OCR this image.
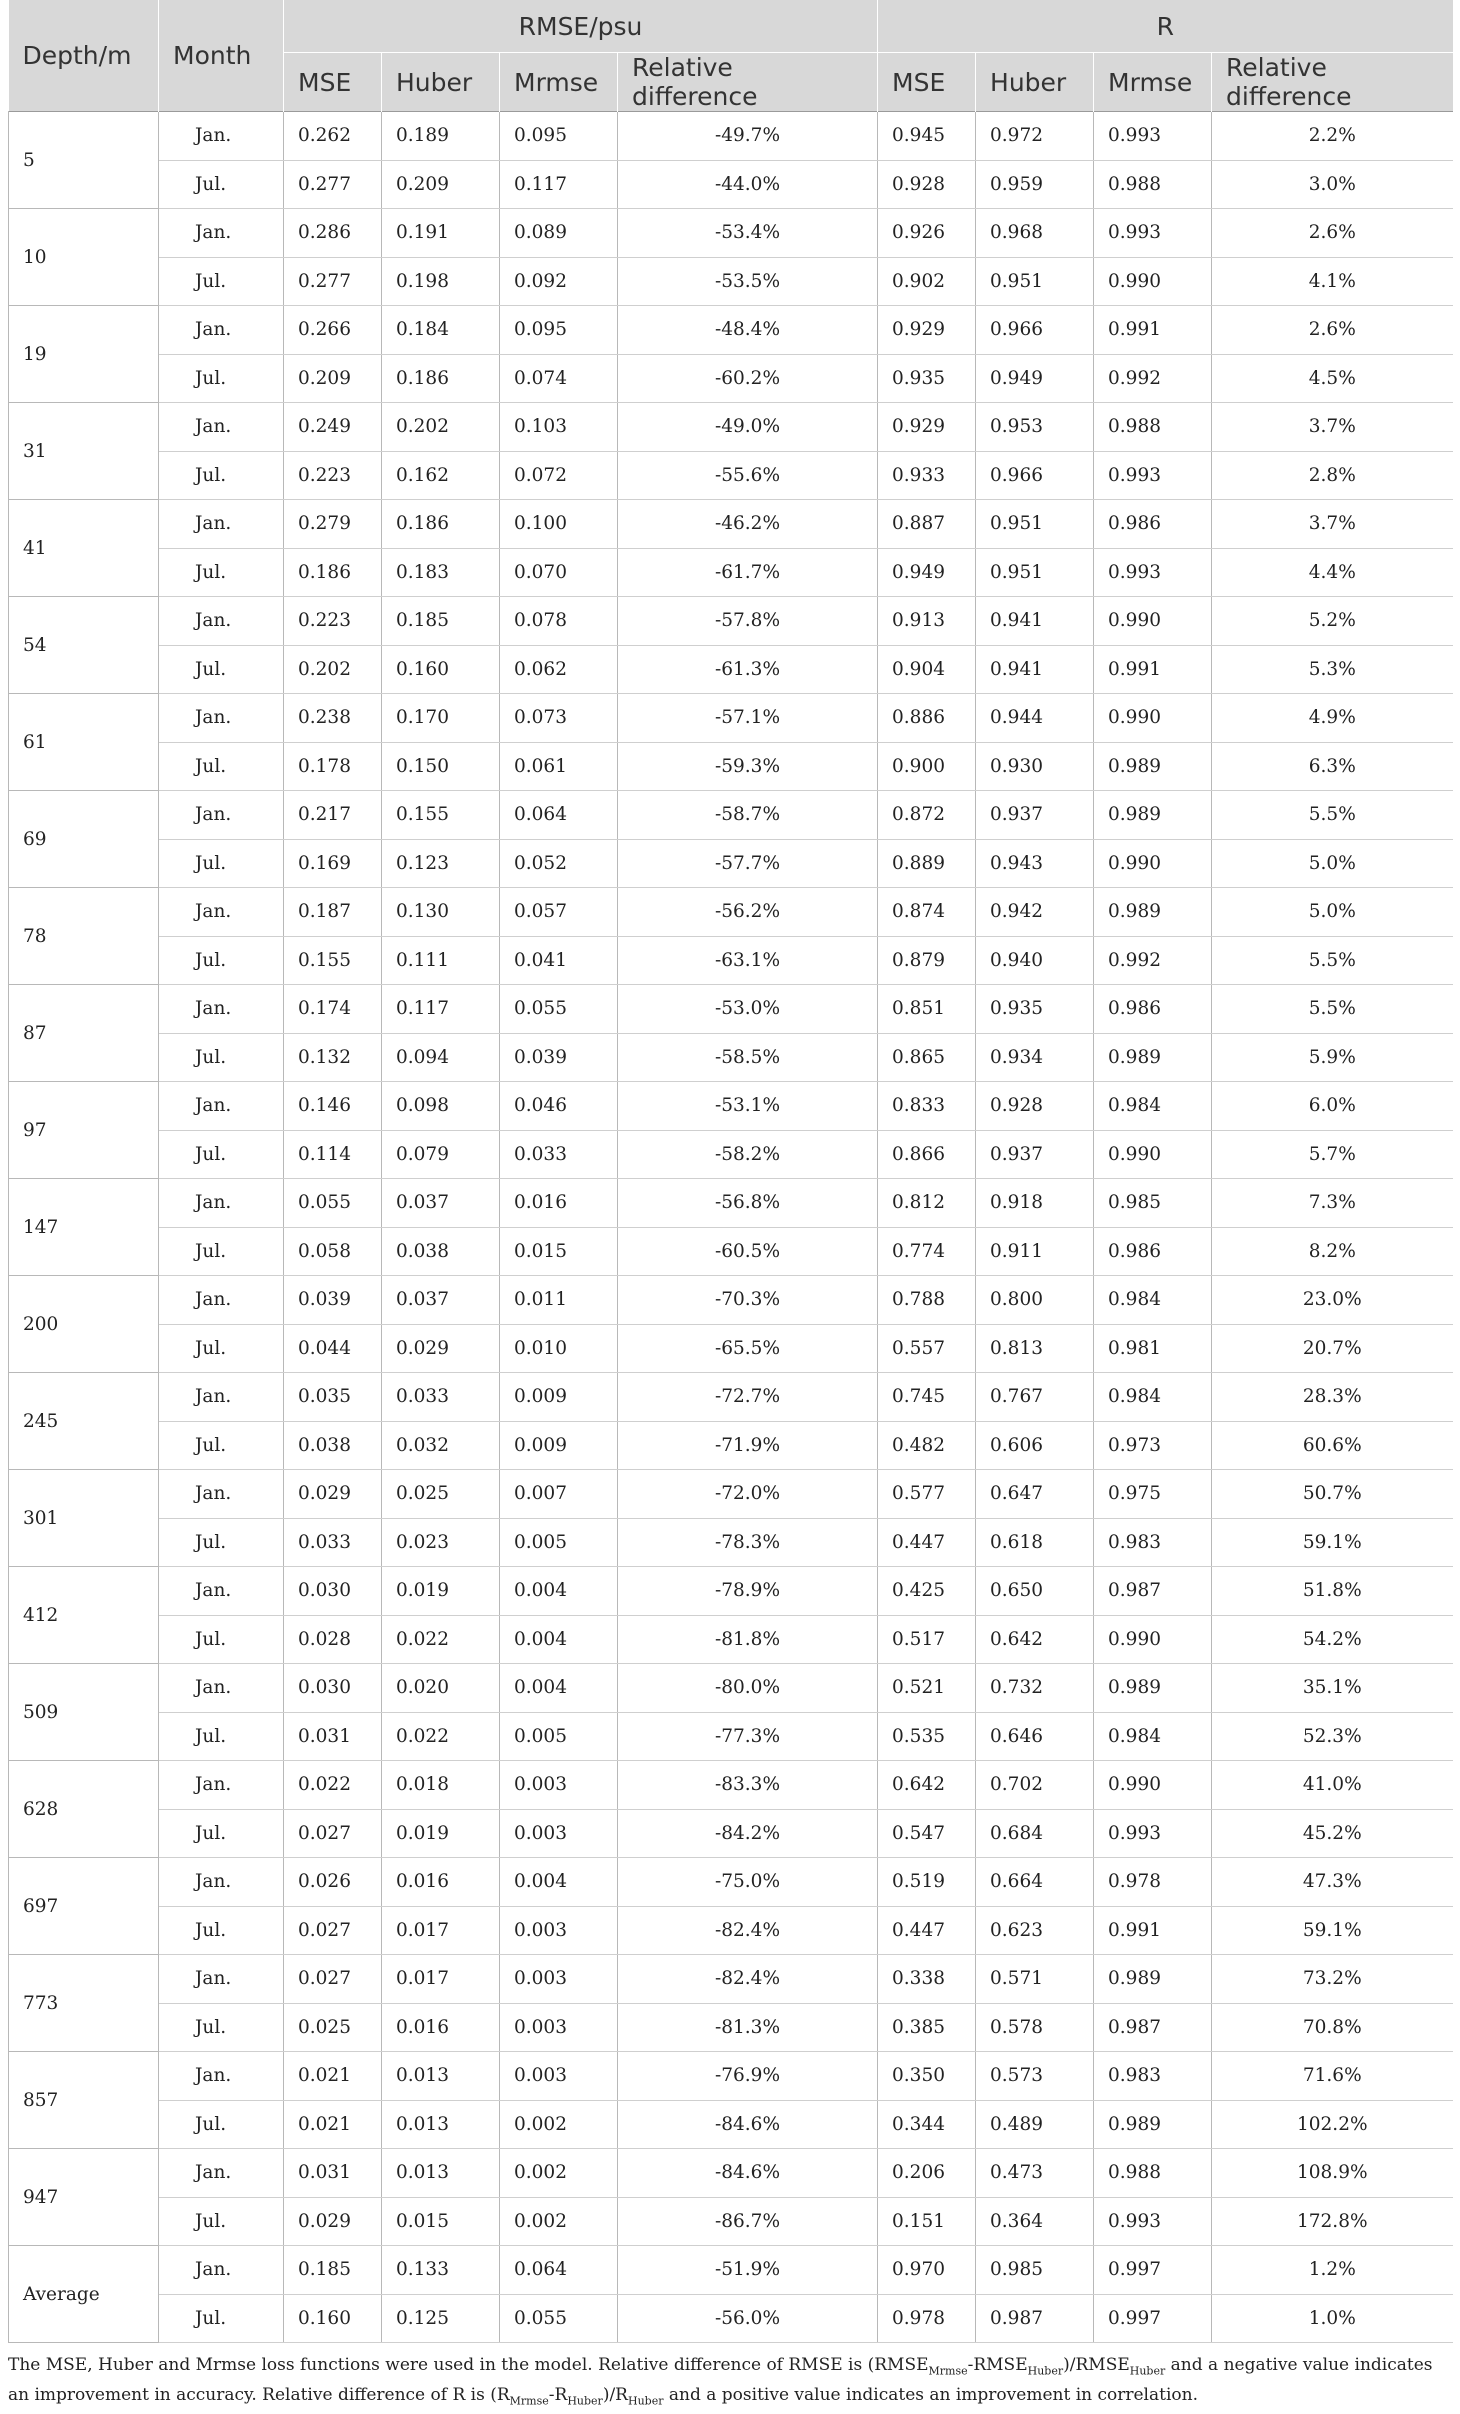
Depth/m	Month	RMSE/psu				R			
		MSE	Huber	Mrmse	Relative difference	MSE	Huber	Mrmse	Relative difference
5	Jan.	0.262	0.189	0.095	-49.7%	0.945	0.972	0.993	2.2%
	Jul.	0.277	0.209	0.117	-44.0%	0.928	0.959	0.988	3.0%
10	Jan.	0.286	0.191	0.089	-53.4%	0.926	0.968	0.993	2.6%
	Jul.	0.277	0.198	0.092	-53.5%	0.902	0.951	0.990	4.1%
19	Jan.	0.266	0.184	0.095	-48.4%	0.929	0.966	0.991	2.6%
	Jul.	0.209	0.186	0.074	-60.2%	0.935	0.949	0.992	4.5%
31	Jan.	0.249	0.202	0.103	-49.0%	0.929	0.953	0.988	3.7%
	Jul.	0.223	0.162	0.072	-55.6%	0.933	0.966	0.993	2.8%
41	Jan.	0.279	0.186	0.100	-46.2%	0.887	0.951	0.986	3.7%
	Jul.	0.186	0.183	0.070	-61.7%	0.949	0.951	0.993	4.4%
54	Jan.	0.223	0.185	0.078	-57.8%	0.913	0.941	0.990	5.2%
	Jul.	0.202	0.160	0.062	-61.3%	0.904	0.941	0.991	5.3%
61	Jan.	0.238	0.170	0.073	-57.1%	0.886	0.944	0.990	4.9%
	Jul.	0.178	0.150	0.061	-59.3%	0.900	0.930	0.989	6.3%
69	Jan.	0.217	0.155	0.064	-58.7%	0.872	0.937	0.989	5.5%
	Jul.	0.169	0.123	0.052	-57.7%	0.889	0.943	0.990	5.0%
78	Jan.	0.187	0.130	0.057	-56.2%	0.874	0.942	0.989	5.0%
	Jul.	0.155	0.111	0.041	-63.1%	0.879	0.940	0.992	5.5%
87	Jan.	0.174	0.117	0.055	-53.0%	0.851	0.935	0.986	5.5%
	Jul.	0.132	0.094	0.039	-58.5%	0.865	0.934	0.989	5.9%
97	Jan.	0.146	0.098	0.046	-53.1%	0.833	0.928	0.984	6.0%
	Jul.	0.114	0.079	0.033	-58.2%	0.866	0.937	0.990	5.7%
147	Jan.	0.055	0.037	0.016	-56.8%	0.812	0.918	0.985	7.3%
	Jul.	0.058	0.038	0.015	-60.5%	0.774	0.911	0.986	8.2%
200	Jan.	0.039	0.037	0.011	-70.3%	0.788	0.800	0.984	23.0%
	Jul.	0.044	0.029	0.010	-65.5%	0.557	0.813	0.981	20.7%
245	Jan.	0.035	0.033	0.009	-72.7%	0.745	0.767	0.984	28.3%
	Jul.	0.038	0.032	0.009	-71.9%	0.482	0.606	0.973	60.6%
301	Jan.	0.029	0.025	0.007	-72.0%	0.577	0.647	0.975	50.7%
	Jul.	0.033	0.023	0.005	-78.3%	0.447	0.618	0.983	59.1%
412	Jan.	0.030	0.019	0.004	-78.9%	0.425	0.650	0.987	51.8%
	Jul.	0.028	0.022	0.004	-81.8%	0.517	0.642	0.990	54.2%
509	Jan.	0.030	0.020	0.004	-80.0%	0.521	0.732	0.989	35.1%
	Jul.	0.031	0.022	0.005	-77.3%	0.535	0.646	0.984	52.3%
628	Jan.	0.022	0.018	0.003	-83.3%	0.642	0.702	0.990	41.0%
	Jul.	0.027	0.019	0.003	-84.2%	0.547	0.684	0.993	45.2%
697	Jan.	0.026	0.016	0.004	-75.0%	0.519	0.664	0.978	47.3%
	Jul.	0.027	0.017	0.003	-82.4%	0.447	0.623	0.991	59.1%
773	Jan.	0.027	0.017	0.003	-82.4%	0.338	0.571	0.989	73.2%
	Jul.	0.025	0.016	0.003	-81.3%	0.385	0.578	0.987	70.8%
857	Jan.	0.021	0.013	0.003	-76.9%	0.350	0.573	0.983	71.6%
	Jul.	0.021	0.013	0.002	-84.6%	0.344	0.489	0.989	102.2%
947	Jan.	0.031	0.013	0.002	-84.6%	0.206	0.473	0.988	108.9%
	Jul.	0.029	0.015	0.002	-86.7%	0.151	0.364	0.993	172.8%
Average	Jan.	0.185	0.133	0.064	-51.9%	0.970	0.985	0.997	1.2%
	Jul.	0.160	0.125	0.055	-56.0%	0.978	0.987	0.997	1.0%
The MSE, Huber and Mrmse loss functions were used in the model. Relative difference of RMSE is $(RMSE_{Mrmse}-RMSE_{Huber})/RMSE_{Huber}$ and a negative value indicates an improvement in accuracy. Relative difference of R is $(R_{Mrmse}-R_{Huber})/R_{Huber}$ and a positive value indicates an improvement in correlation.
